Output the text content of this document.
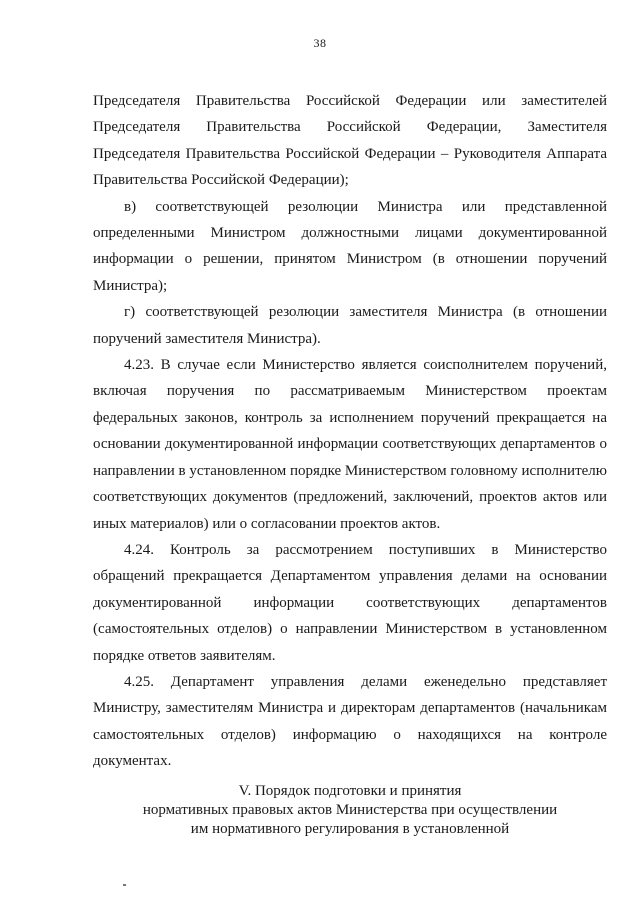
38

Председателя Правительства Российской Федерации или заместителей Председателя Правительства Российской Федерации, Заместителя Председателя Правительства Российской Федерации – Руководителя Аппарата Правительства Российской Федерации);

в) соответствующей резолюции Министра или представленной определенными Министром должностными лицами документированной информации о решении, принятом Министром (в отношении поручений Министра);

г) соответствующей резолюции заместителя Министра (в отношении поручений заместителя Министра).

4.23. В случае если Министерство является соисполнителем поручений, включая поручения по рассматриваемым Министерством проектам федеральных законов, контроль за исполнением поручений прекращается на основании документированной информации соответствующих департаментов о направлении в установленном порядке Министерством головному исполнителю соответствующих документов (предложений, заключений, проектов актов или иных материалов) или о согласовании проектов актов.

4.24. Контроль за рассмотрением поступивших в Министерство обращений прекращается Департаментом управления делами на основании документированной информации соответствующих департаментов (самостоятельных отделов) о направлении Министерством в установленном порядке ответов заявителям.

4.25. Департамент управления делами еженедельно представляет Министру, заместителям Министра и директорам департаментов (начальникам самостоятельных отделов) информацию о находящихся на контроле документах.

V. Порядок подготовки и принятия
нормативных правовых актов Министерства при осуществлении
им нормативного регулирования в установленной
